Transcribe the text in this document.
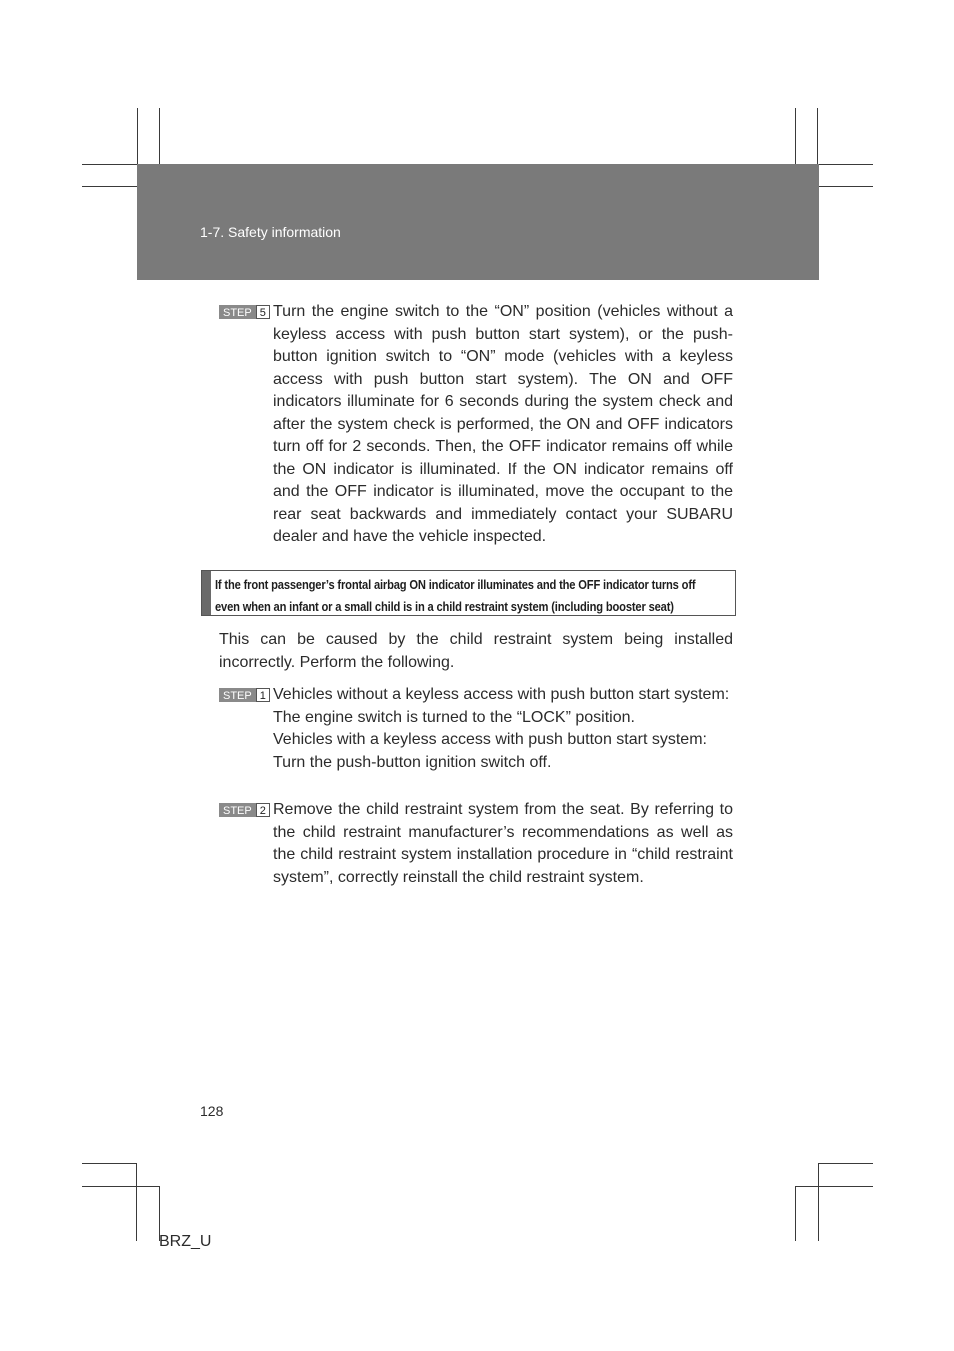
1-7. Safety information
STEP 5 Turn the engine switch to the “ON” position (vehicles without a keyless access with push button start system), or the push-button ignition switch to “ON” mode (vehicles with a keyless access with push button start system). The ON and OFF indicators illuminate for 6 seconds during the system check and after the system check is performed, the ON and OFF indicators turn off for 2 seconds. Then, the OFF indicator remains off while the ON indicator is illuminated. If the ON indicator remains off and the OFF indicator is illuminated, move the occupant to the rear seat backwards and immediately contact your SUBARU dealer and have the vehicle inspected.

If the front passenger’s frontal airbag ON indicator illuminates and the OFF indicator turns off
even when an infant or a small child is in a child restraint system (including booster seat)
This can be caused by the child restraint system being installed incorrectly. Perform the following.
STEP 1 Vehicles without a keyless access with push button start system:

The engine switch is turned to the “LOCK” position.

Vehicles with a keyless access with push button start system:

Turn the push-button ignition switch off.

STEP 2 Remove the child restraint system from the seat. By referring to the child restraint manufacturer’s recommendations as well as the child restraint system installation procedure in “child restraint system”, correctly reinstall the child restraint system.

128
BRZ_U
